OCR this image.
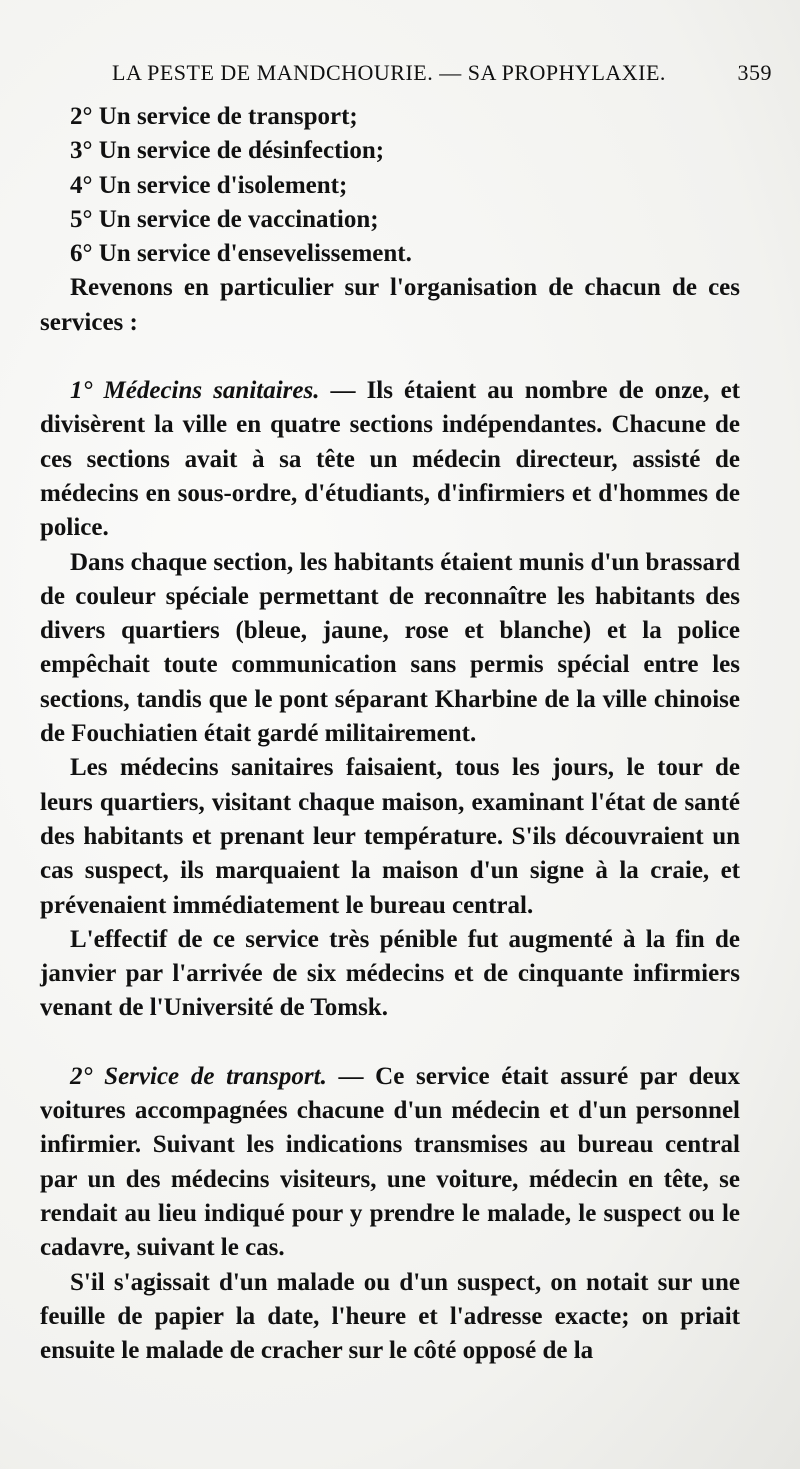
LA PESTE DE MANDCHOURIE. — SA PROPHYLAXIE.	359

2° Un service de transport;

3° Un service de désinfection;

4° Un service d'isolement;

5° Un service de vaccination;

6° Un service d'ensevelissement.

Revenons en particulier sur l'organisation de chacun de ces services :

1° Médecins sanitaires. — Ils étaient au nombre de onze, et divisèrent la ville en quatre sections indépendantes. Chacune de ces sections avait à sa tête un médecin directeur, assisté de médecins en sous-ordre, d'étudiants, d'infirmiers et d'hommes de police.

Dans chaque section, les habitants étaient munis d'un brassard de couleur spéciale permettant de reconnaître les habitants des divers quartiers (bleue, jaune, rose et blanche) et la police empêchait toute communication sans permis spécial entre les sections, tandis que le pont séparant Kharbine de la ville chinoise de Fouchiatien était gardé militairement.

Les médecins sanitaires faisaient, tous les jours, le tour de leurs quartiers, visitant chaque maison, examinant l'état de santé des habitants et prenant leur température. S'ils découvraient un cas suspect, ils marquaient la maison d'un signe à la craie, et prévenaient immédiatement le bureau central.

L'effectif de ce service très pénible fut augmenté à la fin de janvier par l'arrivée de six médecins et de cinquante infirmiers venant de l'Université de Tomsk.

2° Service de transport. — Ce service était assuré par deux voitures accompagnées chacune d'un médecin et d'un personnel infirmier. Suivant les indications transmises au bureau central par un des médecins visiteurs, une voiture, médecin en tête, se rendait au lieu indiqué pour y prendre le malade, le suspect ou le cadavre, suivant le cas.

S'il s'agissait d'un malade ou d'un suspect, on notait sur une feuille de papier la date, l'heure et l'adresse exacte; on priait ensuite le malade de cracher sur le côté opposé de la
